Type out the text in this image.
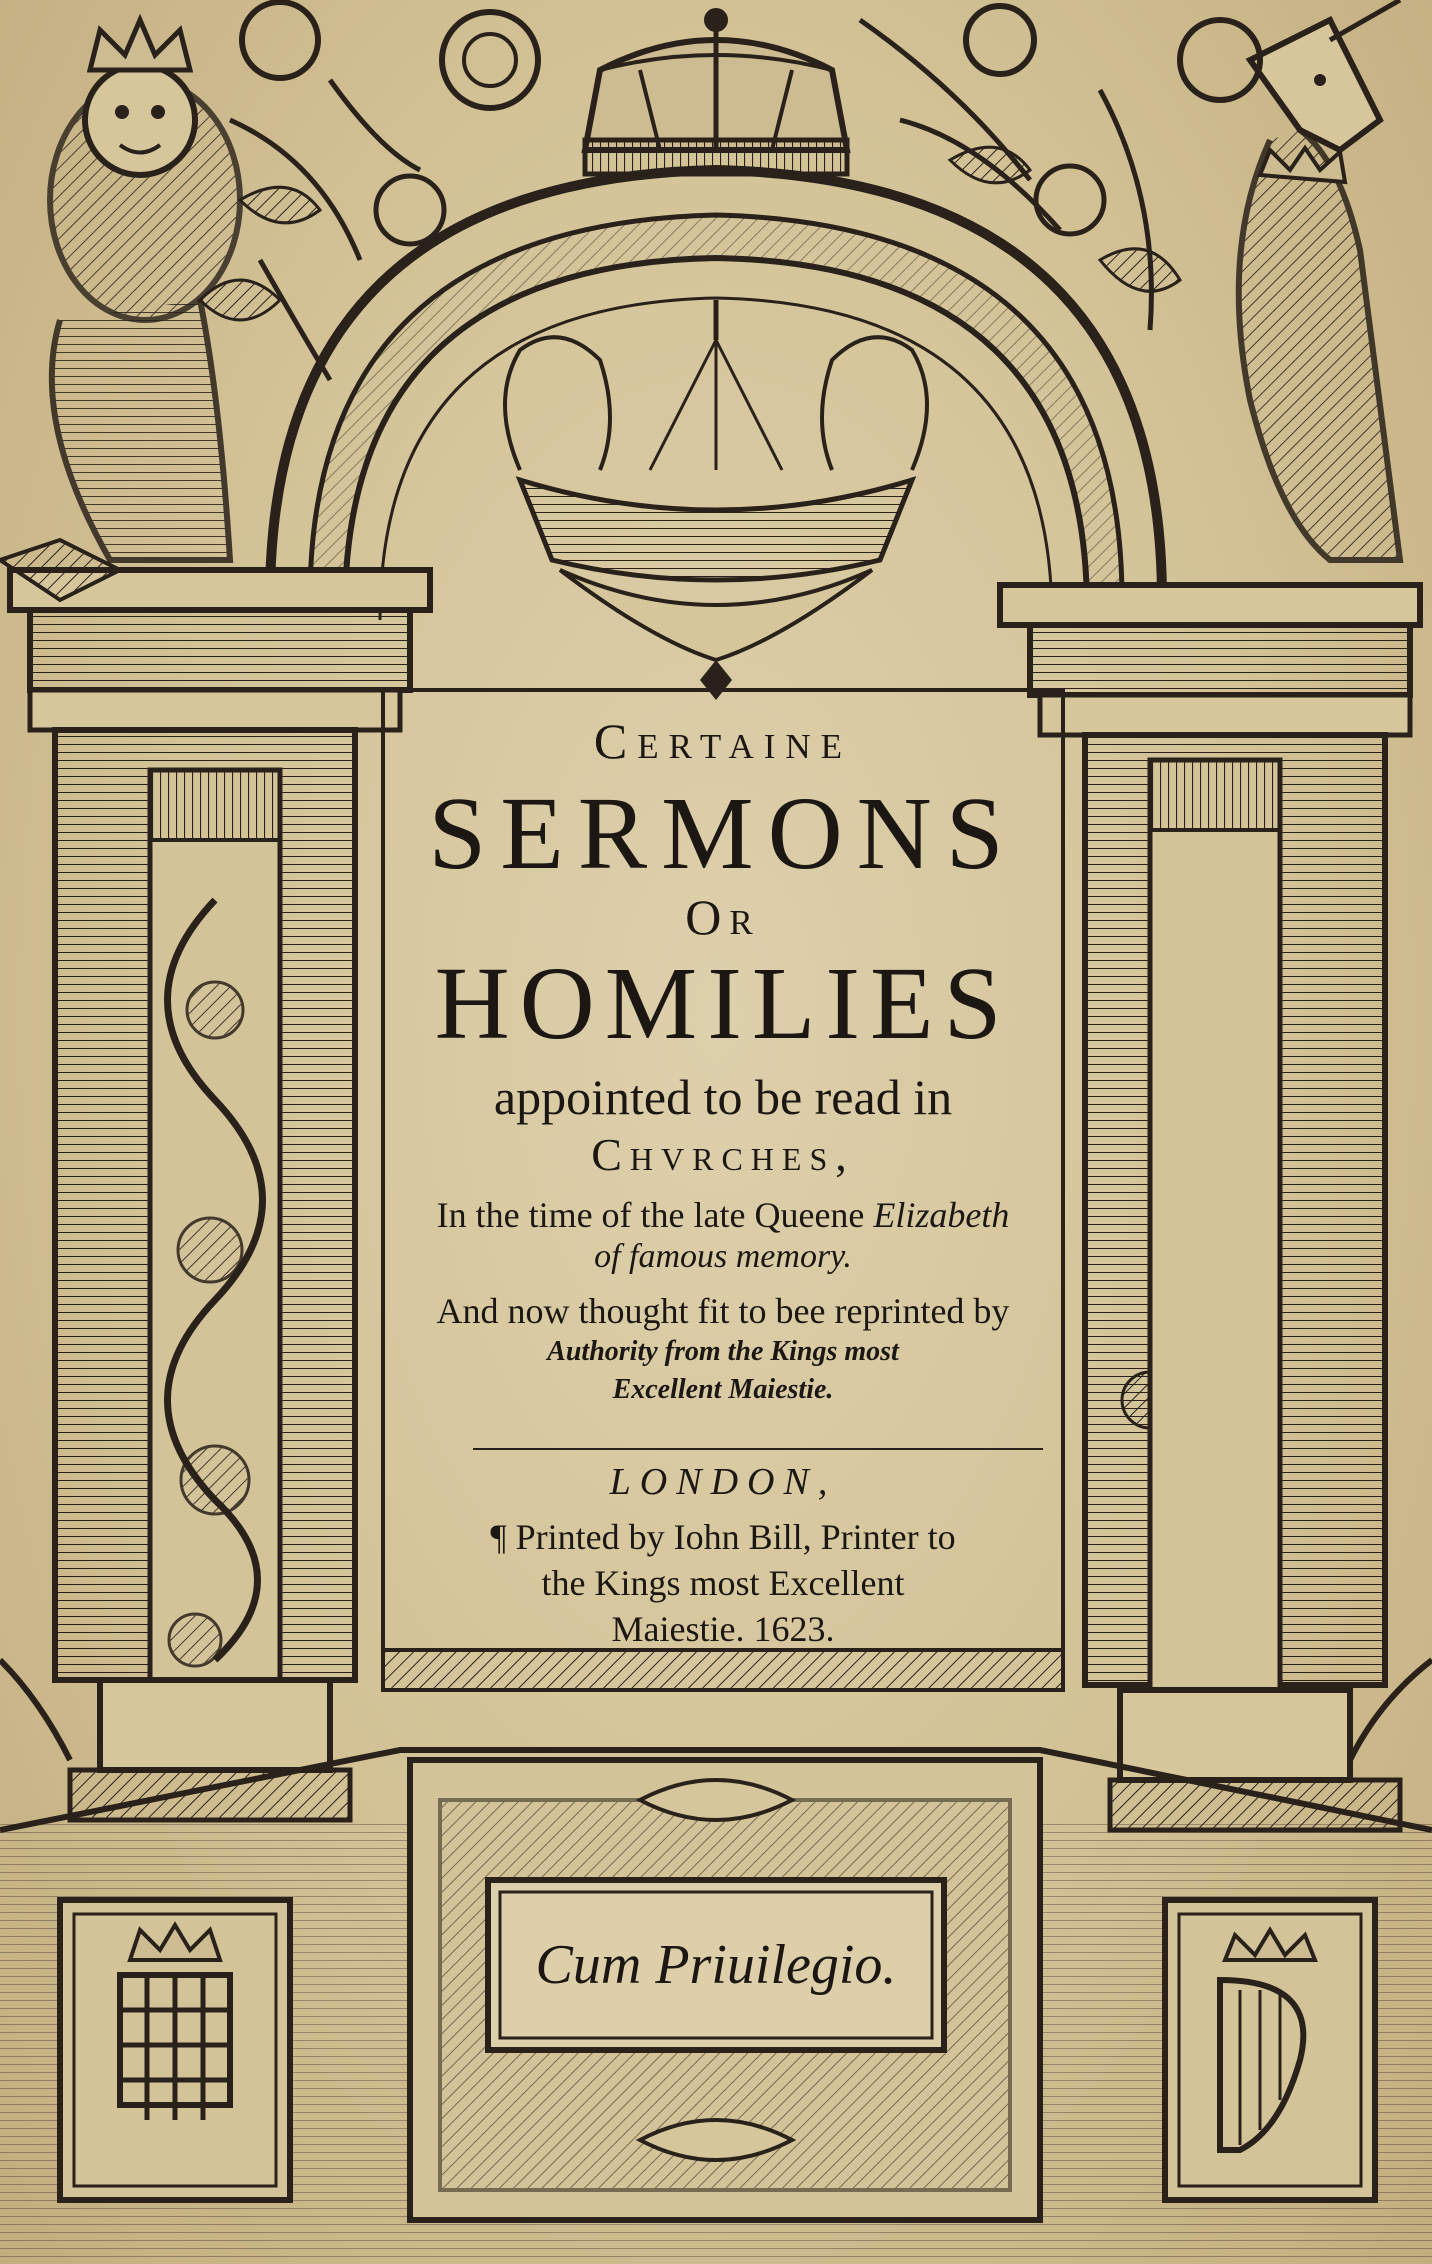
Certaine
SERMONS
Or
HOMILIES
appointed to be read in
Chvrches,
In the time of the late Queene Elizabeth
of famous memory.
And now thought fit to bee reprinted by
Authority from the Kings most
Excellent Maiestie.
LONDON,
¶ Printed by Iohn Bill, Printer to
the Kings most Excellent
Maiestie. 1623.
Cum Priuilegio.
